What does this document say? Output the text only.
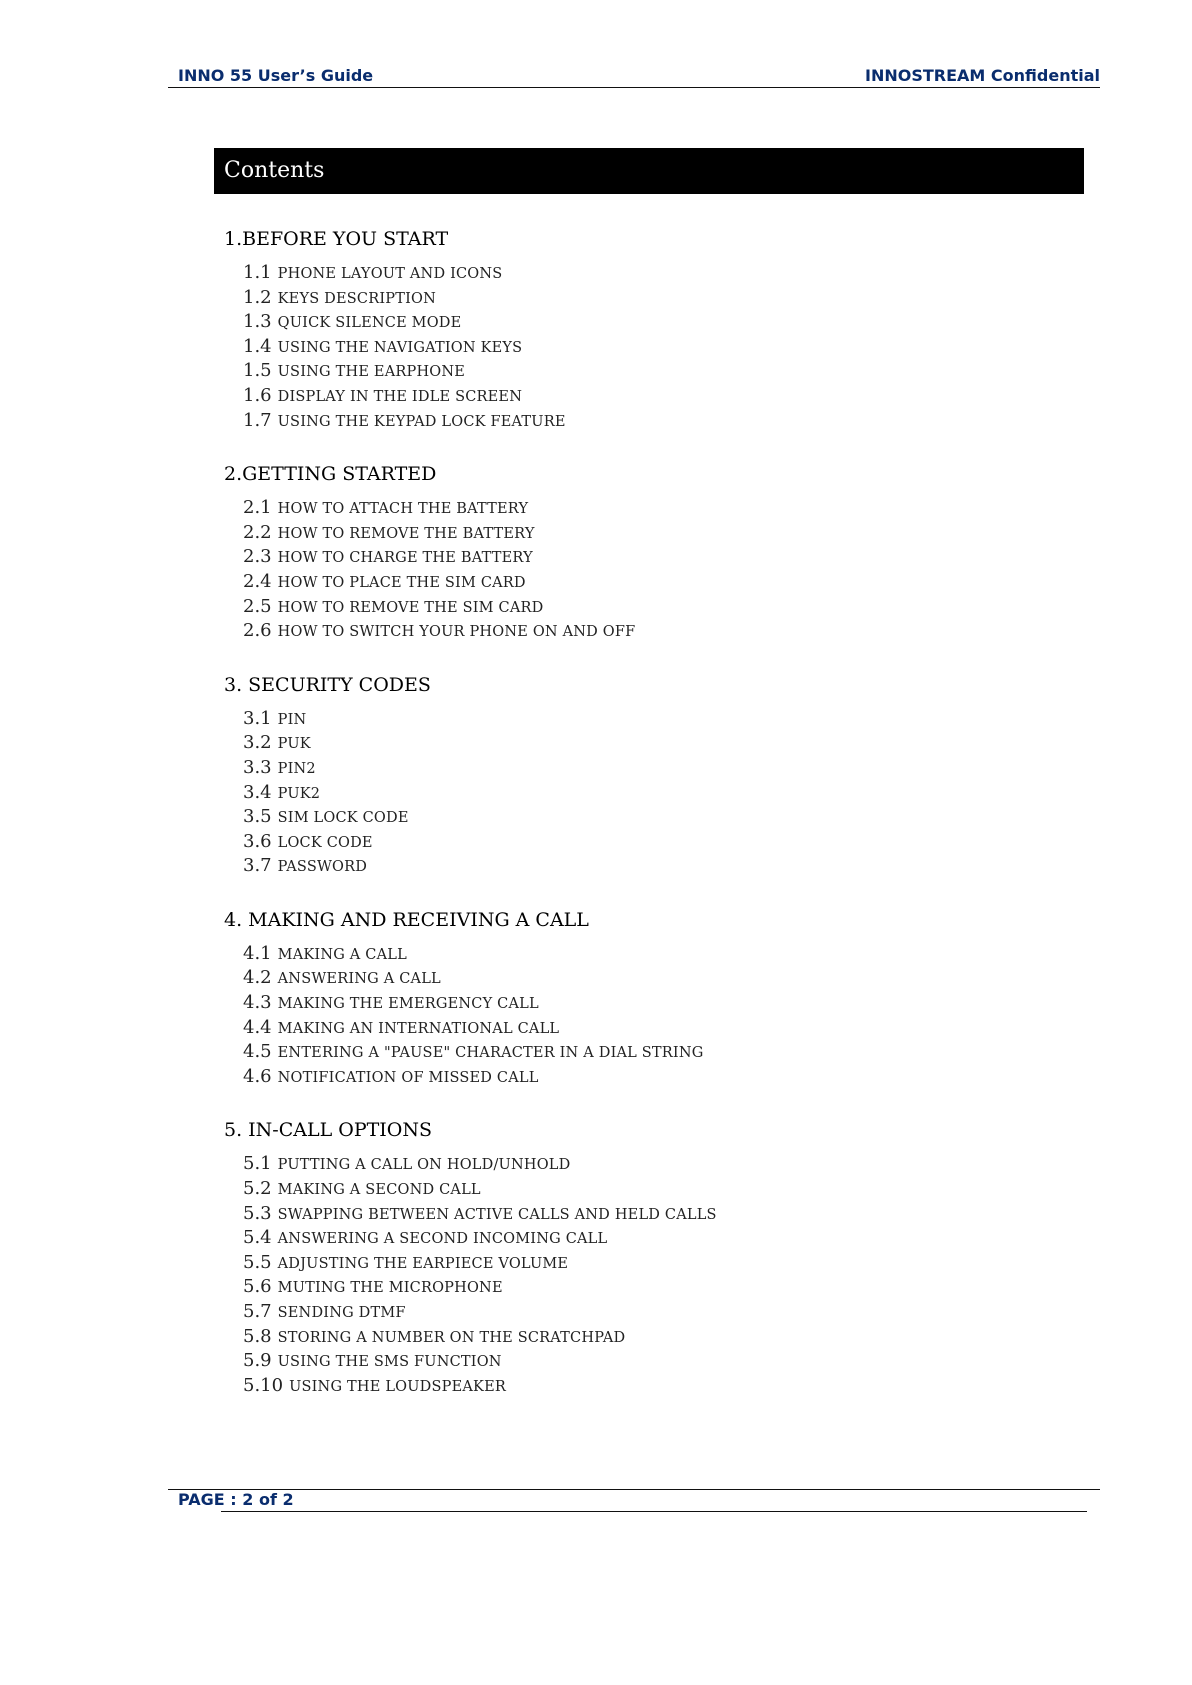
INNO 55 User’s Guide	INNOSTREAM Confidential
Contents
1.BEFORE YOU START
1.1 PHONE LAYOUT AND ICONS
1.2 KEYS DESCRIPTION
1.3 QUICK SILENCE MODE
1.4 USING THE NAVIGATION KEYS
1.5 USING THE EARPHONE
1.6 DISPLAY IN THE IDLE SCREEN
1.7 USING THE KEYPAD LOCK FEATURE
2.GETTING STARTED
2.1 HOW TO ATTACH THE BATTERY
2.2 HOW TO REMOVE THE BATTERY
2.3 HOW TO CHARGE THE BATTERY
2.4 HOW TO PLACE THE SIM CARD
2.5 HOW TO REMOVE THE SIM CARD
2.6 HOW TO SWITCH YOUR PHONE ON AND OFF
3. SECURITY CODES
3.1 PIN
3.2 PUK
3.3 PIN2
3.4 PUK2
3.5 SIM LOCK CODE
3.6 LOCK CODE
3.7 PASSWORD
4. MAKING AND RECEIVING A CALL
4.1 MAKING A CALL
4.2 ANSWERING A CALL
4.3 MAKING THE EMERGENCY CALL
4.4 MAKING AN INTERNATIONAL CALL
4.5 ENTERING A "PAUSE" CHARACTER IN A DIAL STRING
4.6 NOTIFICATION OF MISSED CALL
5. IN-CALL OPTIONS
5.1 PUTTING A CALL ON HOLD/UNHOLD
5.2 MAKING A SECOND CALL
5.3 SWAPPING BETWEEN ACTIVE CALLS AND HELD CALLS
5.4 ANSWERING A SECOND INCOMING CALL
5.5 ADJUSTING THE EARPIECE VOLUME
5.6 MUTING THE MICROPHONE
5.7 SENDING DTMF
5.8 STORING A NUMBER ON THE SCRATCHPAD
5.9 USING THE SMS FUNCTION
5.10 USING THE LOUDSPEAKER
PAGE : 2 of 2
